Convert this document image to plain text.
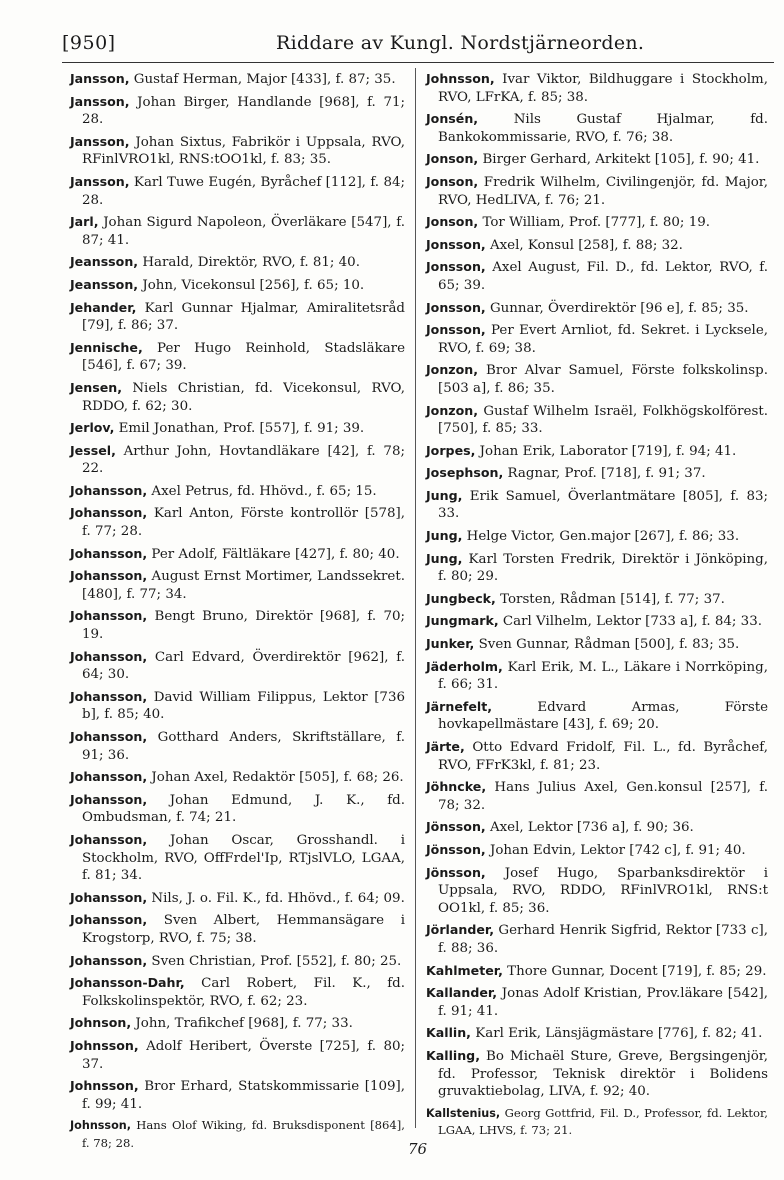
[950]	Riddare av Kungl. Nordstjärneorden.

Jansson, Gustaf Herman, Major [433], f. 87; 35.

Jansson, Johan Birger, Handlande [968], f. 71; 28.

Jansson, Johan Sixtus, Fabrikör i Uppsala, RVO, RFinlVRO1kl, RNS:tOO1kl, f. 83; 35.

Jansson, Karl Tuwe Eugén, Byråchef [112], f. 84; 28.

Jarl, Johan Sigurd Napoleon, Överläkare [547], f. 87; 41.

Jeansson, Harald, Direktör, RVO, f. 81; 40.

Jeansson, John, Vicekonsul [256], f. 65; 10.

Jehander, Karl Gunnar Hjalmar, Amiralitetsråd [79], f. 86; 37.

Jennische, Per Hugo Reinhold, Stadsläkare [546], f. 67; 39.

Jensen, Niels Christian, fd. Vicekonsul, RVO, RDDO, f. 62; 30.

Jerlov, Emil Jonathan, Prof. [557], f. 91; 39.

Jessel, Arthur John, Hovtandläkare [42], f. 78; 22.

Johansson, Axel Petrus, fd. Hhövd., f. 65; 15.

Johansson, Karl Anton, Förste kontrollör [578], f. 77; 28.

Johansson, Per Adolf, Fältläkare [427], f. 80; 40.

Johansson, August Ernst Mortimer, Landssekret. [480], f. 77; 34.

Johansson, Bengt Bruno, Direktör [968], f. 70; 19.

Johansson, Carl Edvard, Överdirektör [962], f. 64; 30.

Johansson, David William Filippus, Lektor [736 b], f. 85; 40.

Johansson, Gotthard Anders, Skriftställare, f. 91; 36.

Johansson, Johan Axel, Redaktör [505], f. 68; 26.

Johansson, Johan Edmund, J. K., fd. Ombudsman, f. 74; 21.

Johansson, Johan Oscar, Grosshandl. i Stockholm, RVO, OffFrdel'Ip, RTjslVLO, LGAA, f. 81; 34.

Johansson, Nils, J. o. Fil. K., fd. Hhövd., f. 64; 09.

Johansson, Sven Albert, Hemmansägare i Krogstorp, RVO, f. 75; 38.

Johansson, Sven Christian, Prof. [552], f. 80; 25.

Johansson-Dahr, Carl Robert, Fil. K., fd. Folkskolinspektör, RVO, f. 62; 23.

Johnson, John, Trafikchef [968], f. 77; 33.

Johnsson, Adolf Heribert, Överste [725], f. 80; 37.

Johnsson, Bror Erhard, Statskommissarie [109], f. 99; 41.

Johnsson, Hans Olof Wiking, fd. Bruksdisponent [864], f. 78; 28.

Johnsson, Ivar Viktor, Bildhuggare i Stockholm, RVO, LFrKA, f. 85; 38.

Jonsén, Nils Gustaf Hjalmar, fd. Bankokommissarie, RVO, f. 76; 38.

Jonson, Birger Gerhard, Arkitekt [105], f. 90; 41.

Jonson, Fredrik Wilhelm, Civilingenjör, fd. Major, RVO, HedLIVA, f. 76; 21.

Jonson, Tor William, Prof. [777], f. 80; 19.

Jonsson, Axel, Konsul [258], f. 88; 32.

Jonsson, Axel August, Fil. D., fd. Lektor, RVO, f. 65; 39.

Jonsson, Gunnar, Överdirektör [96 e], f. 85; 35.

Jonsson, Per Evert Arnliot, fd. Sekret. i Lycksele, RVO, f. 69; 38.

Jonzon, Bror Alvar Samuel, Förste folkskolinsp. [503 a], f. 86; 35.

Jonzon, Gustaf Wilhelm Israël, Folkhögskolförest. [750], f. 85; 33.

Jorpes, Johan Erik, Laborator [719], f. 94; 41.

Josephson, Ragnar, Prof. [718], f. 91; 37.

Jung, Erik Samuel, Överlantmätare [805], f. 83; 33.

Jung, Helge Victor, Gen.major [267], f. 86; 33.

Jung, Karl Torsten Fredrik, Direktör i Jönköping, f. 80; 29.

Jungbeck, Torsten, Rådman [514], f. 77; 37.

Jungmark, Carl Vilhelm, Lektor [733 a], f. 84; 33.

Junker, Sven Gunnar, Rådman [500], f. 83; 35.

Jäderholm, Karl Erik, M. L., Läkare i Norrköping, f. 66; 31.

Järnefelt, Edvard Armas, Förste hovkapellmästare [43], f. 69; 20.

Järte, Otto Edvard Fridolf, Fil. L., fd. Byråchef, RVO, FFrK3kl, f. 81; 23.

Jöhncke, Hans Julius Axel, Gen.konsul [257], f. 78; 32.

Jönsson, Axel, Lektor [736 a], f. 90; 36.

Jönsson, Johan Edvin, Lektor [742 c], f. 91; 40.

Jönsson, Josef Hugo, Sparbanksdirektör i Uppsala, RVO, RDDO, RFinlVRO1kl, RNS:t OO1kl, f. 85; 36.

Jörlander, Gerhard Henrik Sigfrid, Rektor [733 c], f. 88; 36.

Kahlmeter, Thore Gunnar, Docent [719], f. 85; 29.

Kallander, Jonas Adolf Kristian, Prov.läkare [542], f. 91; 41.

Kallin, Karl Erik, Länsjägmästare [776], f. 82; 41.

Kalling, Bo Michaël Sture, Greve, Bergsingenjör, fd. Professor, Teknisk direktör i Bolidens gruvaktiebolag, LIVA, f. 92; 40.

Kallstenius, Georg Gottfrid, Fil. D., Professor, fd. Lektor, LGAA, LHVS, f. 73; 21.

76
